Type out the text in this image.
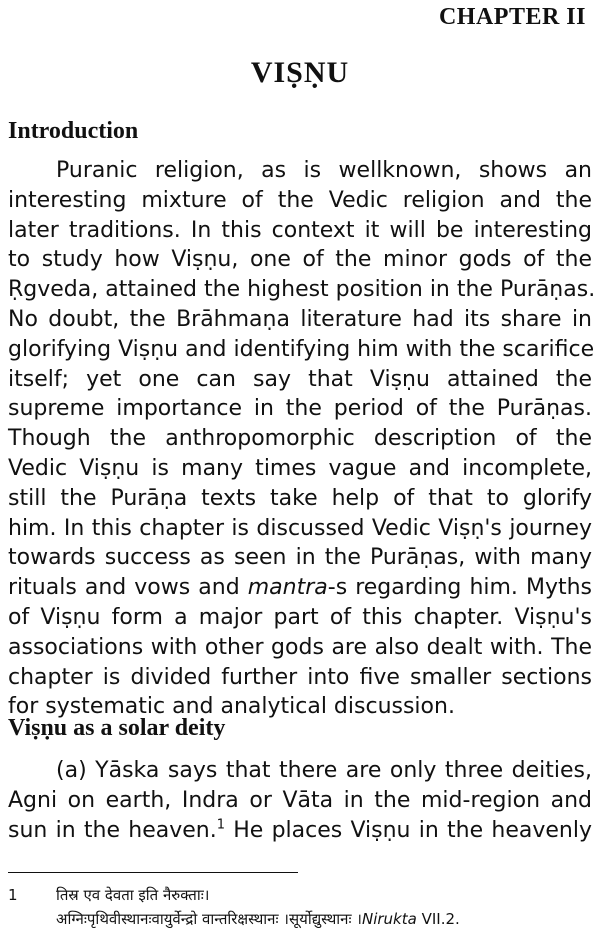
CHAPTER II
VIṢṆU
Introduction
Puranic religion, as is wellknown, shows an
interesting mixture of the Vedic religion and the
later traditions. In this context it will be interesting
to study how Viṣṇu, one of the minor gods of the
Ṛgveda, attained the highest position in the Purāṇas.
No doubt, the Brāhmaṇa literature had its share in
glorifying Viṣṇu and identifying him with the scarifice
itself; yet one can say that Viṣṇu attained the
supreme importance in the period of the Purāṇas.
Though the anthropomorphic description of the
Vedic Viṣṇu is many times vague and incomplete,
still the Purāṇa texts take help of that to glorify
him. In this chapter is discussed Vedic Viṣṇ's journey
towards success as seen in the Purāṇas, with many
rituals and vows and mantra-s regarding him. Myths
of Viṣṇu form a major part of this chapter. Viṣṇu's
associations with other gods are also dealt with. The
chapter is divided further into five smaller sections
for systematic and analytical discussion.
Viṣṇu as a solar deity
(a) Yāska says that there are only three deities,
Agni on earth, Indra or Vāta in the mid-region and
sun in the heaven.$^1$ He places Viṣṇu in the heavenly
1	तिस्र एव देवता इति नैरुक्ताः।
अग्निःपृथिवीस्थानःवायुर्वेन्द्रो वान्तरिक्षस्थानः ।सूर्योद्युस्थानः ।Nirukta VII.2.
